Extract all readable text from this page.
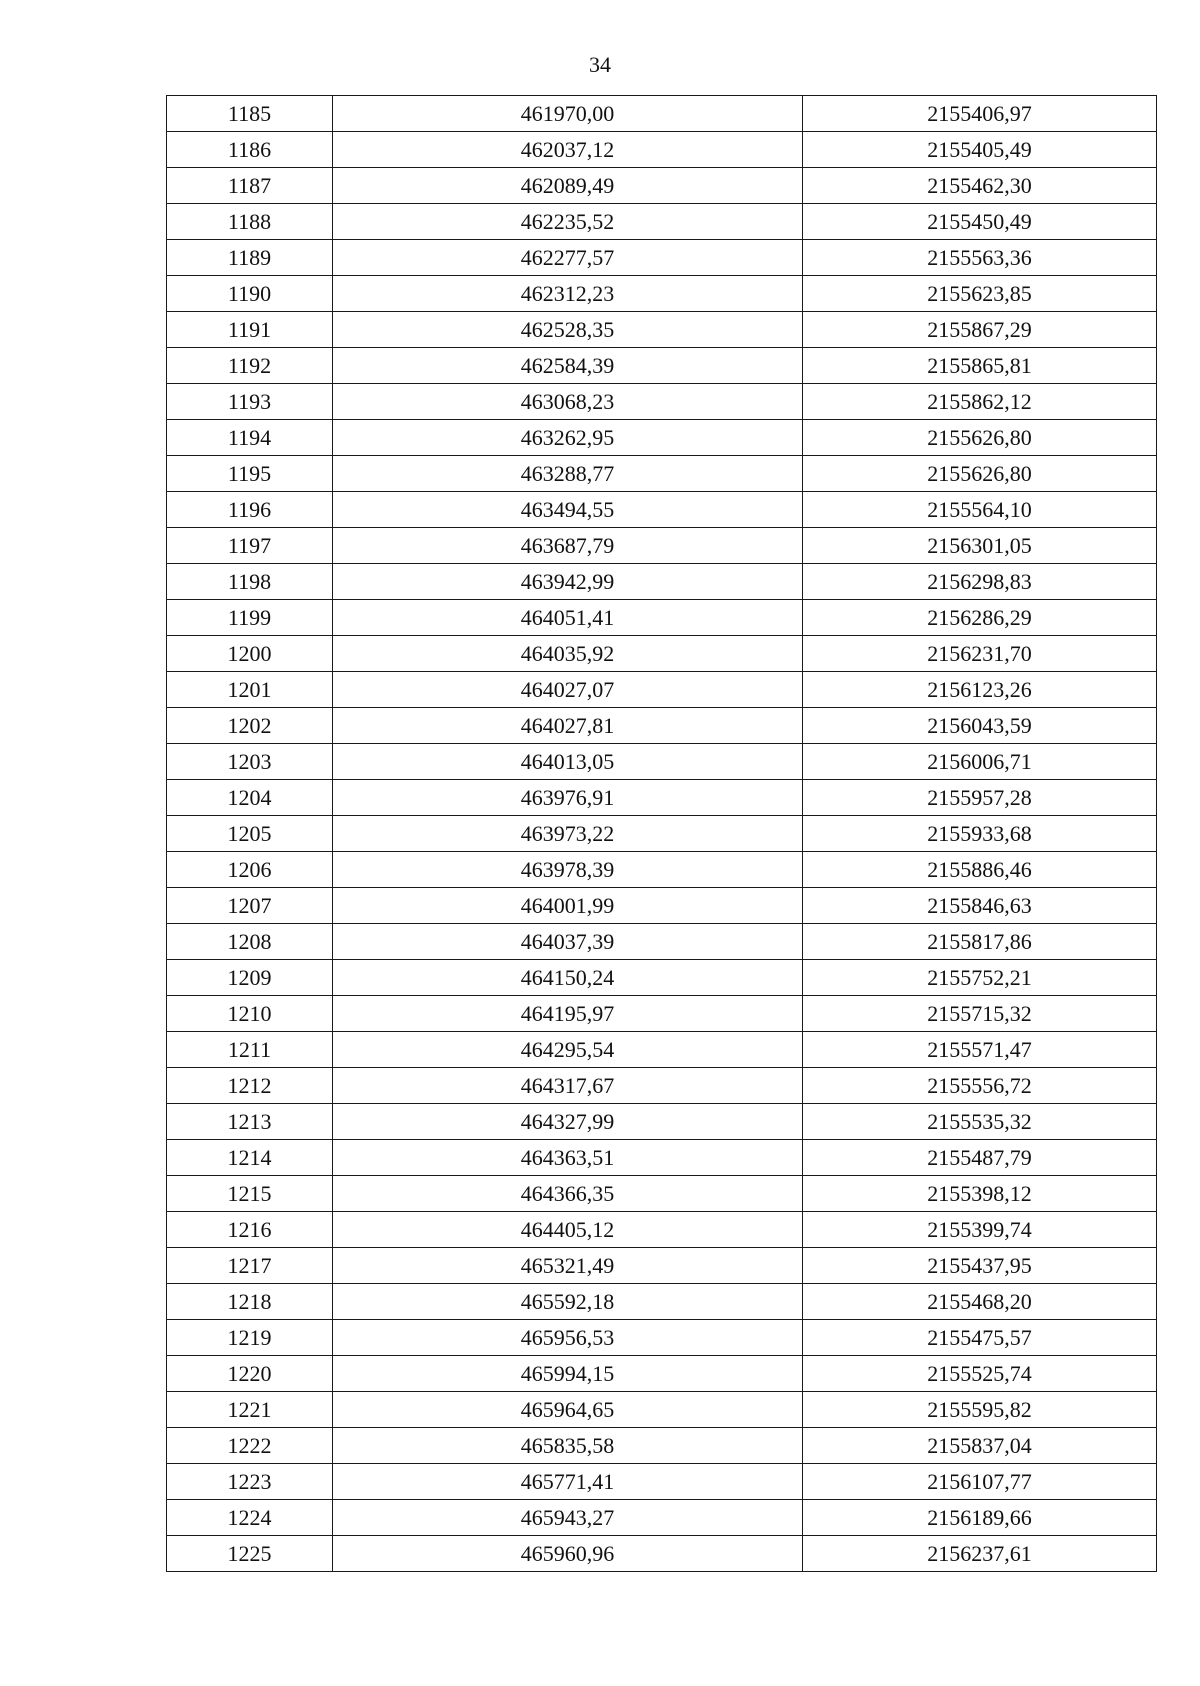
34
1185	461970,00	2155406,97
1186	462037,12	2155405,49
1187	462089,49	2155462,30
1188	462235,52	2155450,49
1189	462277,57	2155563,36
1190	462312,23	2155623,85
1191	462528,35	2155867,29
1192	462584,39	2155865,81
1193	463068,23	2155862,12
1194	463262,95	2155626,80
1195	463288,77	2155626,80
1196	463494,55	2155564,10
1197	463687,79	2156301,05
1198	463942,99	2156298,83
1199	464051,41	2156286,29
1200	464035,92	2156231,70
1201	464027,07	2156123,26
1202	464027,81	2156043,59
1203	464013,05	2156006,71
1204	463976,91	2155957,28
1205	463973,22	2155933,68
1206	463978,39	2155886,46
1207	464001,99	2155846,63
1208	464037,39	2155817,86
1209	464150,24	2155752,21
1210	464195,97	2155715,32
1211	464295,54	2155571,47
1212	464317,67	2155556,72
1213	464327,99	2155535,32
1214	464363,51	2155487,79
1215	464366,35	2155398,12
1216	464405,12	2155399,74
1217	465321,49	2155437,95
1218	465592,18	2155468,20
1219	465956,53	2155475,57
1220	465994,15	2155525,74
1221	465964,65	2155595,82
1222	465835,58	2155837,04
1223	465771,41	2156107,77
1224	465943,27	2156189,66
1225	465960,96	2156237,61
